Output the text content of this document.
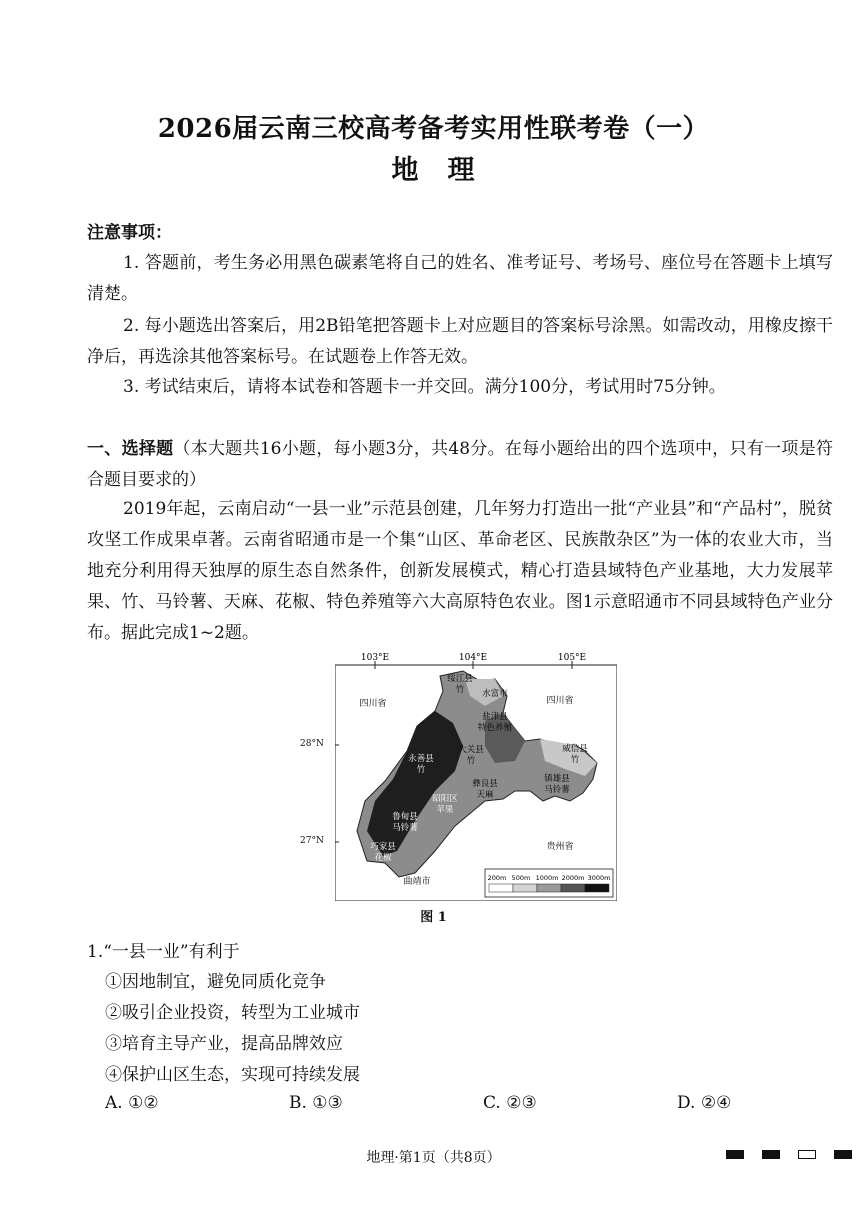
2026届云南三校高考备考实用性联考卷（一）
地　理
注意事项：
1. 答题前，考生务必用黑色碳素笔将自己的姓名、准考证号、考场号、座位号在答题卡上填写清楚。
2. 每小题选出答案后，用2B铅笔把答题卡上对应题目的答案标号涂黑。如需改动，用橡皮擦干净后，再选涂其他答案标号。在试题卷上作答无效。
3. 考试结束后，请将本试卷和答题卡一并交回。满分100分，考试用时75分钟。
一、选择题（本大题共16小题，每小题3分，共48分。在每小题给出的四个选项中，只有一项是符合题目要求的）
2019年起，云南启动“一县一业”示范县创建，几年努力打造出一批“产业县”和“产品村”，脱贫攻坚工作成果卓著。云南省昭通市是一个集“山区、革命老区、民族散杂区”为一体的农业大市，当地充分利用得天独厚的原生态自然条件，创新发展模式，精心打造县域特色产业基地，大力发展苹果、竹、马铃薯、天麻、花椒、特色养殖等六大高原特色农业。图1示意昭通市不同县域特色产业分布。据此完成1~2题。
103°E	104°E	105°E
四川省	四川省
贵州省
曲靖市
绥江县
竹 水富市
盐津县
特色养殖
永善县
竹
大关县
竹
威信县
竹
彝良县
天麻
镇雄县
马铃薯
昭阳区
苹果
鲁甸县
马铃薯
巧家县
花椒
200m 500m 1000m 2000m 3000m
28°N
27°N
图 1
1.“一县一业”有利于
①因地制宜，避免同质化竞争
②吸引企业投资，转型为工业城市
③培育主导产业，提高品牌效应
④保护山区生态，实现可持续发展
A. ①②	B. ①③	C. ②③	D. ②④
地理·第1页（共8页）
